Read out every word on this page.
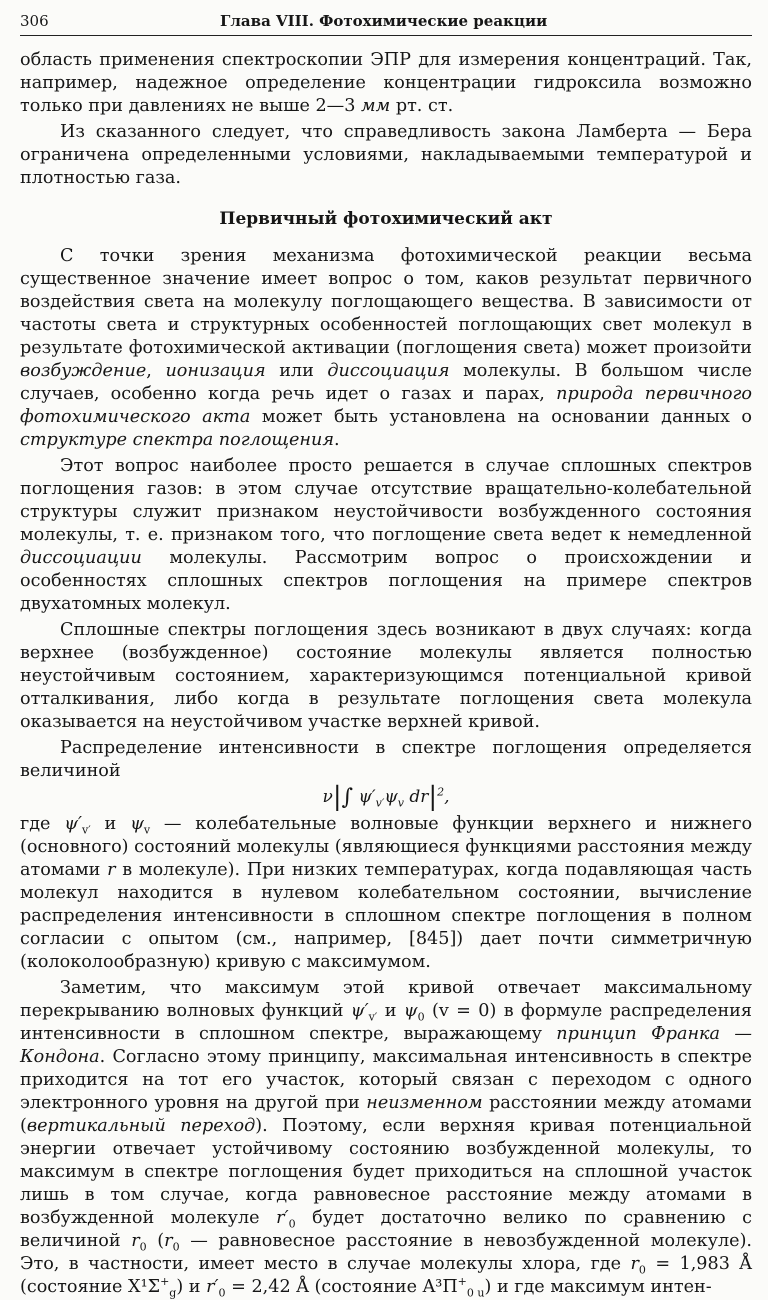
306	Глава VIII. Фотохимические реакции

область применения спектроскопии ЭПР для измерения концентраций. Так, например, надежное определение концентрации гидроксила возможно только при давлениях не выше 2—3 мм рт. ст.

Из сказанного следует, что справедливость закона Ламберта — Бера ограничена определенными условиями, накладываемыми температурой и плотностью газа.

Первичный фотохимический акт

С точки зрения механизма фотохимической реакции весьма существенное значение имеет вопрос о том, каков результат первичного воздействия света на молекулу поглощающего вещества. В зависимости от частоты света и структурных особенностей поглощающих свет молекул в результате фотохимической активации (поглощения света) может произойти возбуждение, ионизация или диссоциация молекулы. В большом числе случаев, особенно когда речь идет о газах и парах, природа первичного фотохимического акта может быть установлена на основании данных о структуре спектра поглощения.

Этот вопрос наиболее просто решается в случае сплошных спектров поглощения газов: в этом случае отсутствие вращательно-колебательной структуры служит признаком неустойчивости возбужденного состояния молекулы, т. е. признаком того, что поглощение света ведет к немедленной диссоциации молекулы. Рассмотрим вопрос о происхождении и особенностях сплошных спектров поглощения на примере спектров двухатомных молекул.

Сплошные спектры поглощения здесь возникают в двух случаях: когда верхнее (возбужденное) состояние молекулы является полностью неустойчивым состоянием, характеризующимся потенциальной кривой отталкивания, либо когда в результате поглощения света молекула оказывается на неустойчивом участке верхней кривой.

Распределение интенсивности в спектре поглощения определяется величиной

ν|∫ $\psi'_{v'}\psi_v$ $dr|^2$,

где $\psi'_{v'}$ и $\psi_v$ — колебательные волновые функции верхнего и нижнего (основного) состояний молекулы (являющиеся функциями расстояния между атомами r в молекуле). При низких температурах, когда подавляющая часть молекул находится в нулевом колебательном состоянии, вычисление распределения интенсивности в сплошном спектре поглощения в полном согласии с опытом (см., например, [845]) дает почти симметричную (колоколообразную) кривую с максимумом.

Заметим, что максимум этой кривой отвечает максимальному перекрыванию волновых функций $\psi'_{v'}$ и $\psi_0$ (v = 0) в формуле распределения интенсивности в сплошном спектре, выражающему принцип Франка — Кондона. Согласно этому принципу, максимальная интенсивность в спектре приходится на тот его участок, который связан с переходом с одного электронного уровня на другой при неизменном расстоянии между атомами (вертикальный переход). Поэтому, если верхняя кривая потенциальной энергии отвечает устойчивому состоянию возбужденной молекулы, то максимум в спектре поглощения будет приходиться на сплошной участок лишь в том случае, когда равновесное расстояние между атомами в возбужденной молекуле $r'_0$ будет достаточно велико по сравнению с величиной $r_0$ ($r_0$ — равновесное расстояние в невозбужденной молекуле). Это, в частности, имеет место в случае молекулы хлора, где $r_0 = 1,983$ Å (состояние $X^1\Sigma^+_g$) и $r'_0 = 2,42$ Å (состояние $A^3\Pi^+_{0 u}$) и где максимум интен-
